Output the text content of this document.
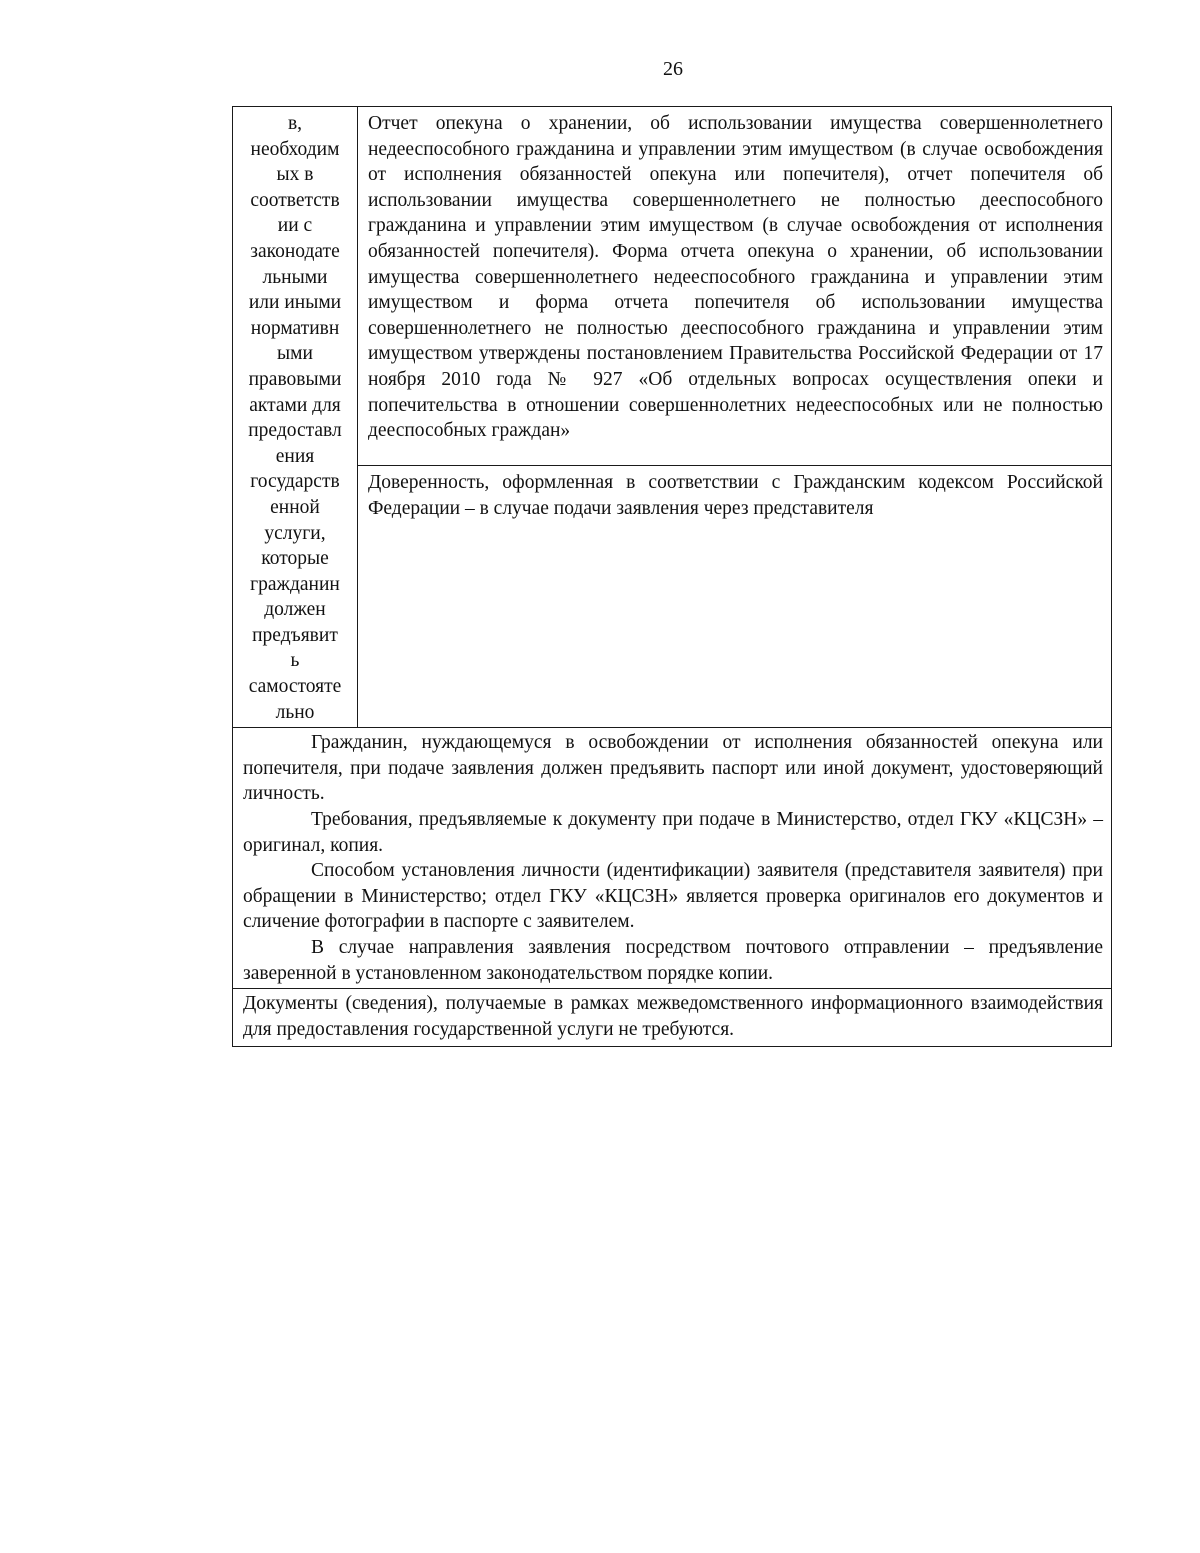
26
в,
необходим
ых в
соответств
ии с
законодате
льными
или иными
нормативн
ыми
правовыми
актами для
предоставл
ения
государств
енной
услуги,
которые
гражданин
должен
предъявит
ь
самостояте
льно	Отчет опекуна о хранении, об использовании имущества совершеннолетнего недееспособного гражданина и управлении этим имуществом (в случае освобождения от исполнения обязанностей опекуна или попечителя), отчет попечителя об использовании имущества совершеннолетнего не полностью дееспособного гражданина и управлении этим имуществом (в случае освобождения от исполнения обязанностей попечителя). Форма отчета опекуна о хранении, об использовании имущества совершеннолетнего недееспособного гражданина и управлении этим имуществом и форма отчета попечителя об использовании имущества совершеннолетнего не полностью дееспособного гражданина и управлении этим имуществом утверждены постановлением Правительства Российской Федерации от 17 ноября 2010 года № 927 «Об отдельных вопросах осуществления опеки и попечительства в отношении совершеннолетних недееспособных или не полностью дееспособных граждан»
Доверенность, оформленная в соответствии с Гражданским кодексом Российской Федерации – в случае подачи заявления через представителя

Гражданин, нуждающемуся в освобождении от исполнения обязанностей опекуна или попечителя, при подаче заявления должен предъявить паспорт или иной документ, удостоверяющий личность.

Требования, предъявляемые к документу при подаче в Министерство, отдел ГКУ «КЦСЗН» – оригинал, копия.

Способом установления личности (идентификации) заявителя (представителя заявителя) при обращении в Министерство; отдел ГКУ «КЦСЗН» является проверка оригиналов его документов и сличение фотографии в паспорте с заявителем.

В случае направления заявления посредством почтового отправлении – предъявление заверенной в установленном законодательством порядке копии.

Документы (сведения), получаемые в рамках межведомственного информационного взаимодействия для предоставления государственной услуги не требуются.
